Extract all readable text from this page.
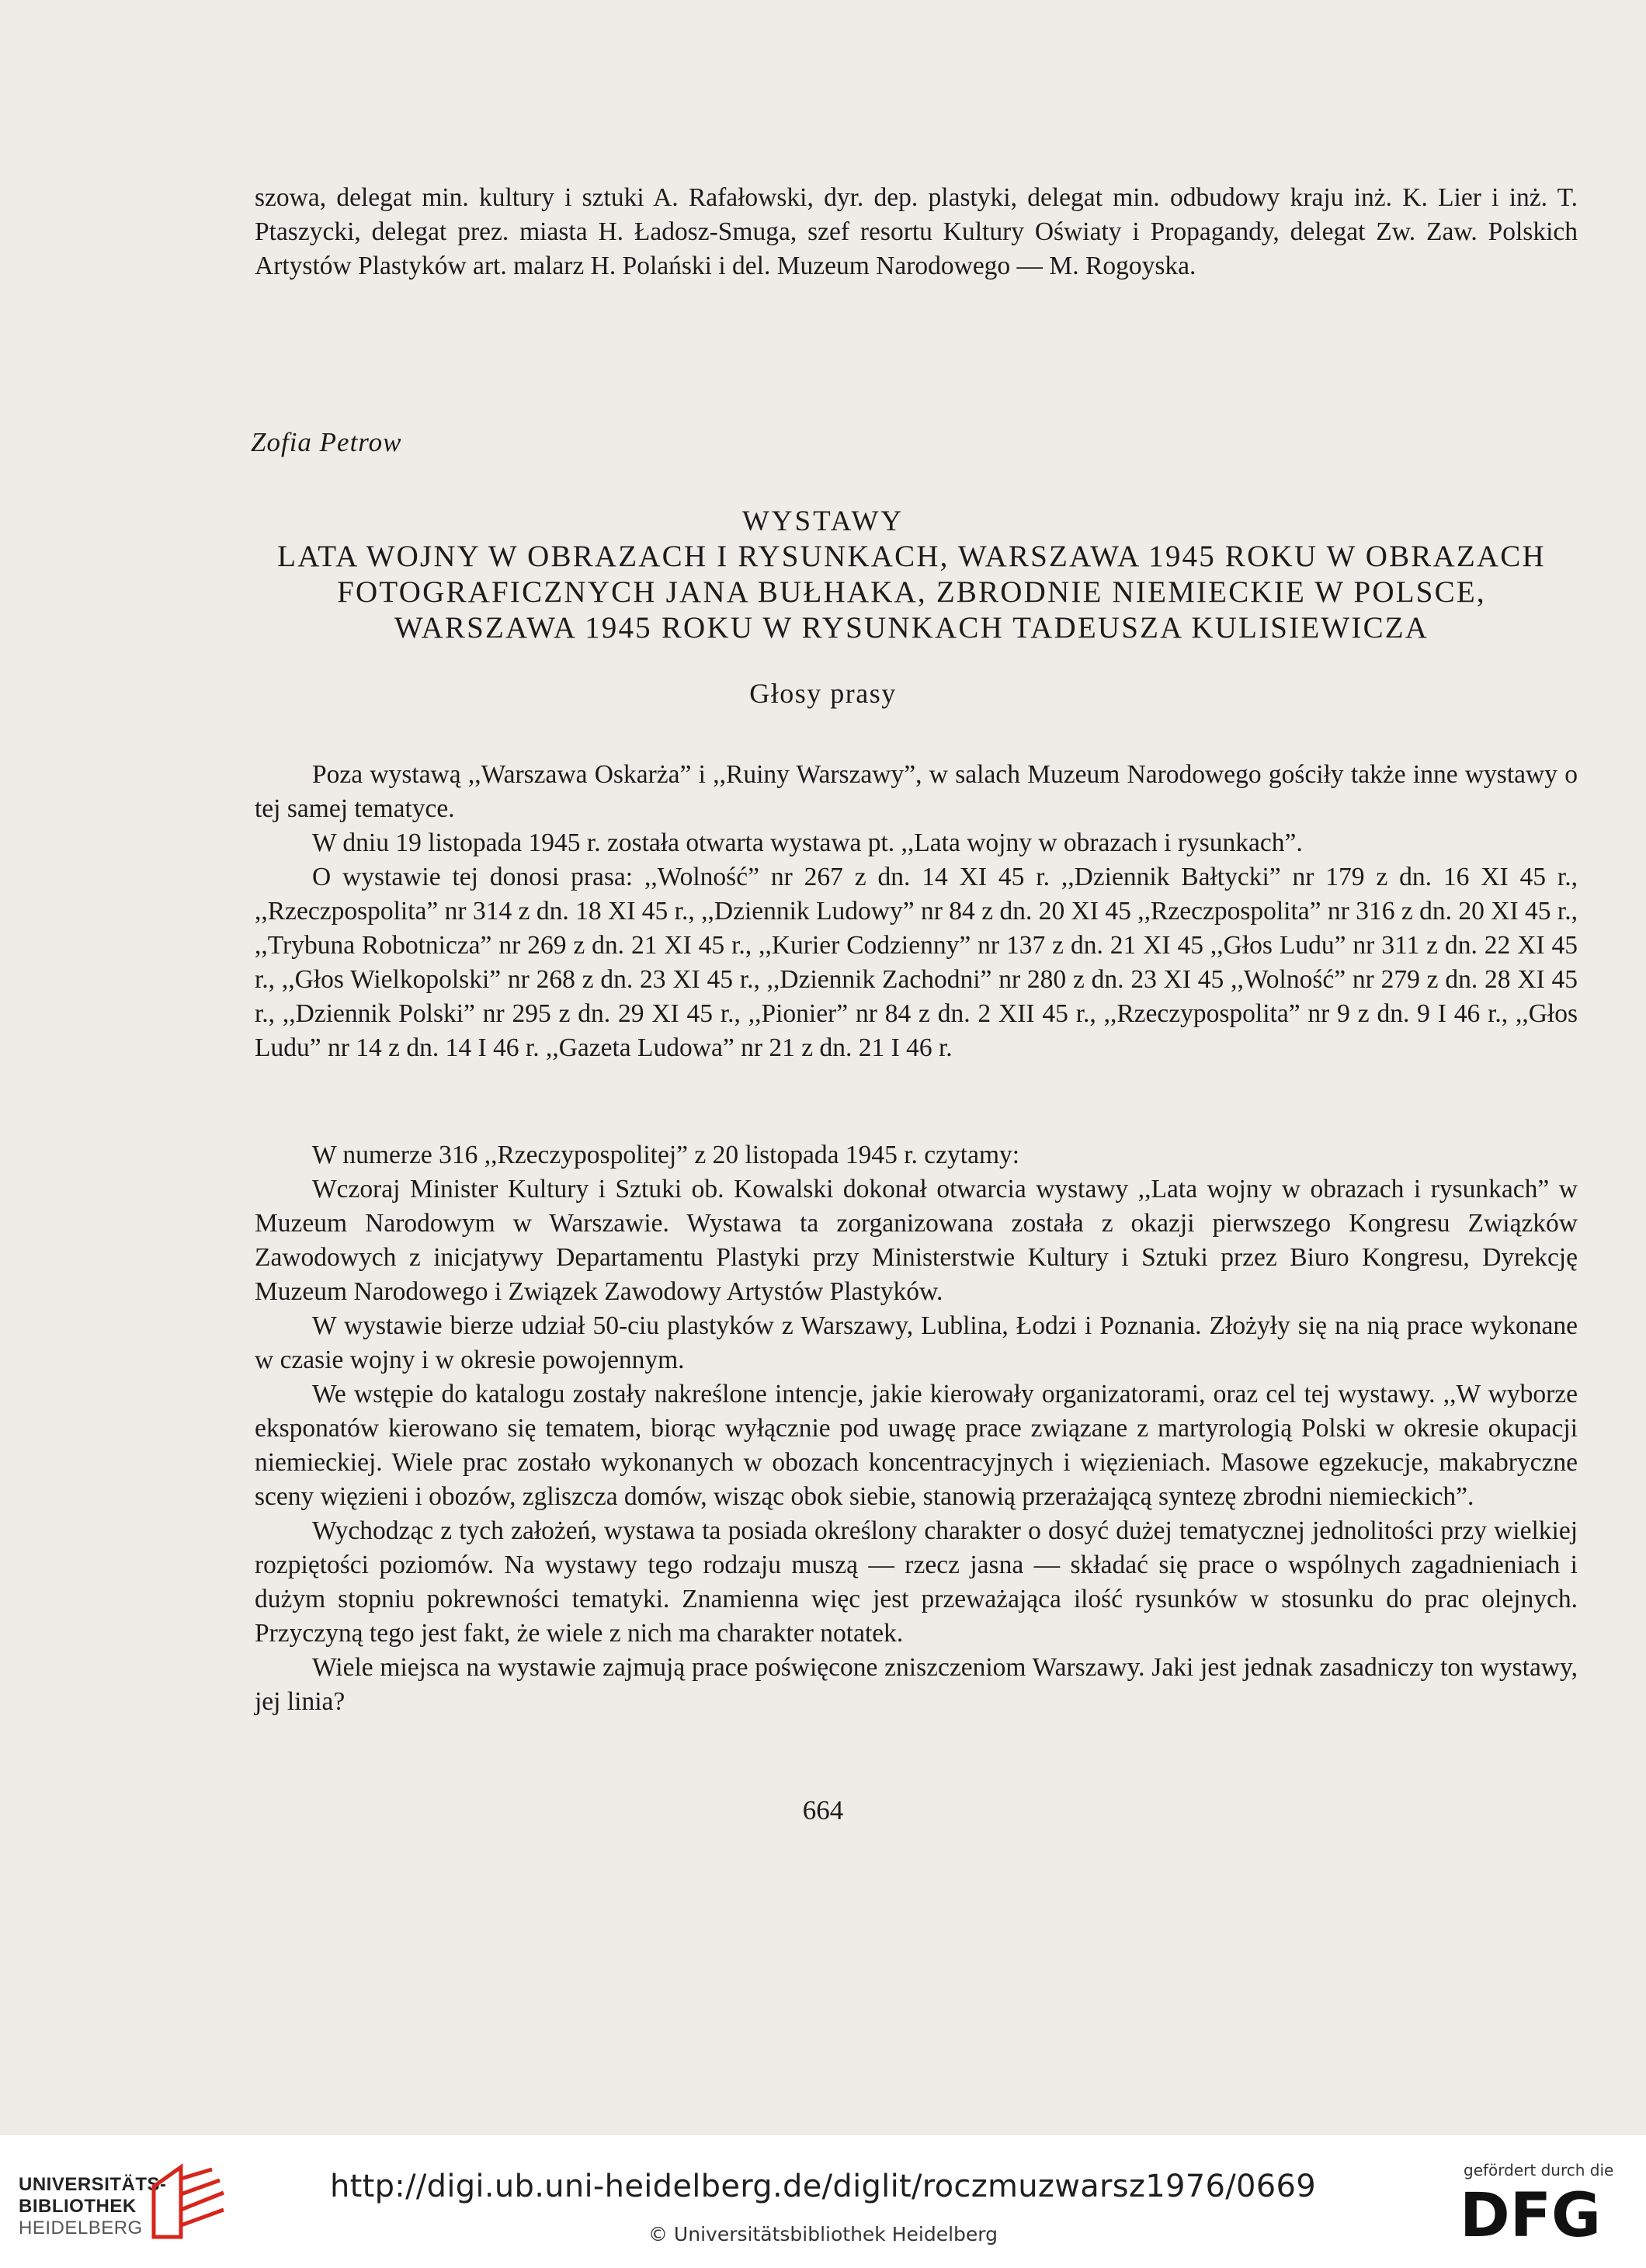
szowa, delegat min. kultury i sztuki A. Rafałowski, dyr. dep. plastyki, delegat min. odbudowy kraju inż. K. Lier i inż. T. Ptaszycki, delegat prez. miasta H. Ładosz-Smuga, szef resortu Kultury Oświaty i Propagandy, delegat Zw. Zaw. Polskich Artystów Plastyków art. malarz H. Polański i del. Muzeum Narodowego — M. Rogoyska.

Zofia Petrow
WYSTAWY

LATA WOJNY W OBRAZACH I RYSUNKACH, WARSZAWA 1945 ROKU W OBRAZACH FOTOGRAFICZNYCH JANA BUŁHAKA, ZBRODNIE NIEMIECKIE W POLSCE, WARSZAWA 1945 ROKU W RYSUNKACH TADEUSZA KULISIEWICZA

Głosy prasy

Poza wystawą ,,Warszawa Oskarża” i ,,Ruiny Warszawy”, w salach Muzeum Narodowego gościły także inne wystawy o tej samej tematyce.

W dniu 19 listopada 1945 r. została otwarta wystawa pt. ,,Lata wojny w obrazach i rysunkach”.

O wystawie tej donosi prasa: ,,Wolność” nr 267 z dn. 14 XI 45 r. ,,Dziennik Bałtycki” nr 179 z dn. 16 XI 45 r., ,,Rzeczpospolita” nr 314 z dn. 18 XI 45 r., ,,Dziennik Ludowy” nr 84 z dn. 20 XI 45 ,,Rzeczpospolita” nr 316 z dn. 20 XI 45 r., ,,Trybuna Robotnicza” nr 269 z dn. 21 XI 45 r., ,,Kurier Codzienny” nr 137 z dn. 21 XI 45 ,,Głos Ludu” nr 311 z dn. 22 XI 45 r., ,,Głos Wielkopolski” nr 268 z dn. 23 XI 45 r., ,,Dziennik Zachodni” nr 280 z dn. 23 XI 45 ,,Wolność” nr 279 z dn. 28 XI 45 r., ,,Dziennik Polski” nr 295 z dn. 29 XI 45 r., ,,Pionier” nr 84 z dn. 2 XII 45 r., ,,Rzeczypospolita” nr 9 z dn. 9 I 46 r., ,,Głos Ludu” nr 14 z dn. 14 I 46 r. ,,Gazeta Ludowa” nr 21 z dn. 21 I 46 r.

W numerze 316 ,,Rzeczypospolitej” z 20 listopada 1945 r. czytamy:

Wczoraj Minister Kultury i Sztuki ob. Kowalski dokonał otwarcia wystawy ,,Lata wojny w obrazach i rysunkach” w Muzeum Narodowym w Warszawie. Wystawa ta zorganizowana została z okazji pierwszego Kongresu Związków Zawodowych z inicjatywy Departamentu Plastyki przy Ministerstwie Kultury i Sztuki przez Biuro Kongresu, Dyrekcję Muzeum Narodowego i Związek Zawodowy Artystów Plastyków.

W wystawie bierze udział 50-ciu plastyków z Warszawy, Lublina, Łodzi i Poznania. Złożyły się na nią prace wykonane w czasie wojny i w okresie powojennym.

We wstępie do katalogu zostały nakreślone intencje, jakie kierowały organizatorami, oraz cel tej wystawy. ,,W wyborze eksponatów kierowano się tematem, biorąc wyłącznie pod uwagę prace związane z martyrologią Polski w okresie okupacji niemieckiej. Wiele prac zostało wykonanych w obozach koncentracyjnych i więzieniach. Masowe egzekucje, makabryczne sceny więzieni i obozów, zgliszcza domów, wisząc obok siebie, stanowią przerażającą syntezę zbrodni niemieckich”.

Wychodząc z tych założeń, wystawa ta posiada określony charakter o dosyć dużej tematycznej jednolitości przy wielkiej rozpiętości poziomów. Na wystawy tego rodzaju muszą — rzecz jasna — składać się prace o wspólnych zagadnieniach i dużym stopniu pokrewności tematyki. Znamienna więc jest przeważająca ilość rysunków w stosunku do prac olejnych. Przyczyną tego jest fakt, że wiele z nich ma charakter notatek.

Wiele miejsca na wystawie zajmują prace poświęcone zniszczeniom Warszawy. Jaki jest jednak zasadniczy ton wystawy, jej linia?

664
UNIVERSITÄTS-
BIBLIOTHEK
HEIDELBERG
http://digi.ub.uni-heidelberg.de/diglit/roczmuzwarsz1976/0669
© Universitätsbibliothek Heidelberg
gefördert durch die
DFG
